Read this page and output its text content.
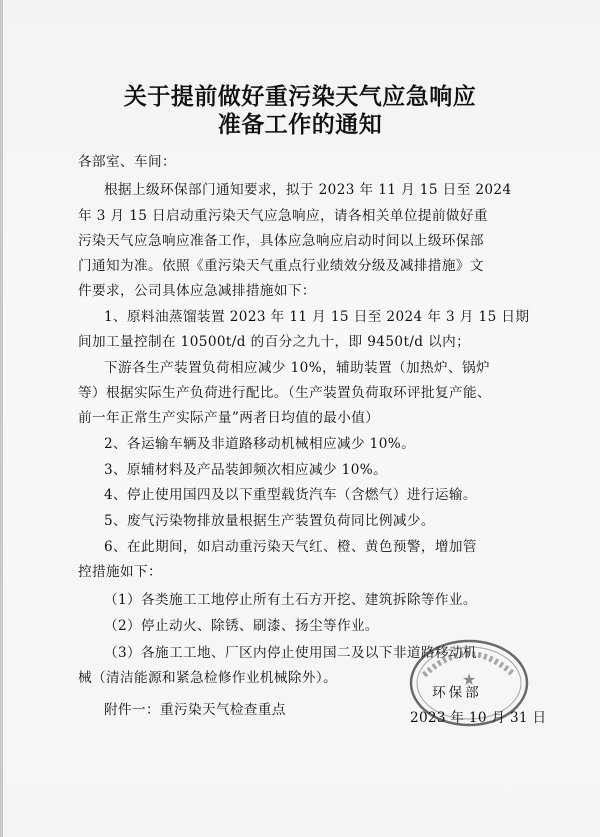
关于提前做好重污染天气应急响应
准备工作的通知
各部室、车间：
根据上级环保部门通知要求，拟于 2023 年 11 月 15 日至 2024
年 3 月 15 日启动重污染天气应急响应，请各相关单位提前做好重
污染天气应急响应准备工作，具体应急响应启动时间以上级环保部
门通知为准。依照《重污染天气重点行业绩效分级及减排措施》文
件要求，公司具体应急减排措施如下：
1、原料油蒸馏装置 2023 年 11 月 15 日至 2024 年 3 月 15 日期
间加工量控制在 10500t/d 的百分之九十，即 9450t/d 以内；
下游各生产装置负荷相应减少 10%，辅助装置（加热炉、锅炉
等）根据实际生产负荷进行配比。（生产装置负荷取环评批复产能、
前一年正常生产实际产量”两者日均值的最小值）
2、各运输车辆及非道路移动机械相应减少 10%。
3、原辅材料及产品装卸频次相应减少 10%。
4、停止使用国四及以下重型载货汽车（含燃气）进行运输。
5、废气污染物排放量根据生产装置负荷同比例减少。
6、在此期间，如启动重污染天气红、橙、黄色预警，增加管
控措施如下：
（1）各类施工工地停止所有土石方开挖、建筑拆除等作业。
（2）停止动火、除锈、刷漆、扬尘等作业。
（3）各施工工地、厂区内停止使用国二及以下非道路移动机
械（清洁能源和紧急检修作业机械除外）。
附件一：重污染天气检查重点
★
环保部
2023 年 10 月 31 日
